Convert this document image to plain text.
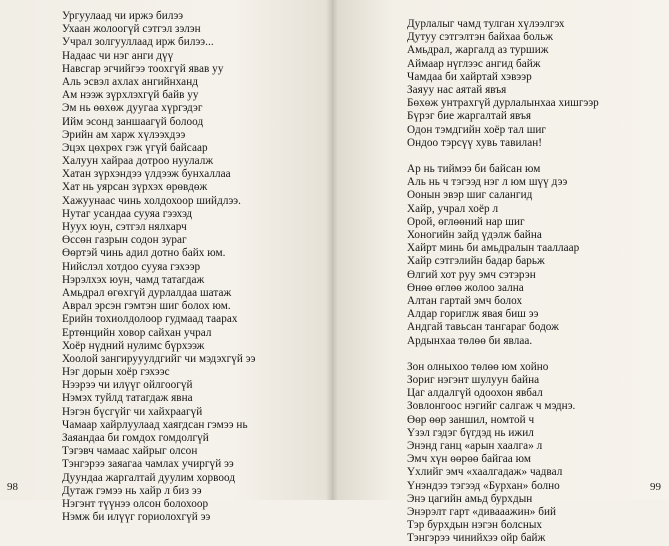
Ургуулаад чи иржэ билээ
Ухаан жолоогүй сэтгэл зэлэн
Учрал золгууллаад ирж билээ...
Надаас чи нэг анги дүү
Навсгар эгчийгээ тоохгүй явав уу
Аль эсвэл ахлах ангийнханд
Ам нээж зүрхлэхгүй байв уу
Эм нь өөхөж дуугаа хүргэдэг
Ийм эсонд заншаагүй болоод
Эрийн ам харж хүлээхдээ
Эцэх цөхрөх гэж үгүй байсаар
Халуун хайраа дотроо нуулалж
Хатан зүрхэндээ үлдээж бунхаллаа
Хат нь уярсан зүрхэх өрөвдөж
Хажуунаас чинь холдохоор шийдлээ.
Нутаг усандаа сууяа гээхэд
Нуух юун, сэтгэл нялхарч
Өссөн газрын содон зураг
Өөртэй чинь адил дотно байх юм.
Нийслэл хотдоо сууяа гэхээр
Нэрэлхэх юун, чамд татагдаж
Амьдрал өгөхгүй дурлалдаа шатаж
Аврал эрсэн гэмтэн шиг болох юм.
Ерийн тохиолдолоор гудмаад таарах
Ертөнцийн ховор сайхан учрал
Хоёр нүдний нулимс бүрхээж
Хоолой зангирууулдгийг чи мэдэхгүй ээ
Нэг дорын хоёр гэхээс
Нээрээ чи илүүг ойлгоогүй
Нэмэх туйлд татагдаж явна
Нэгэн бүсгүйг чи хайхраагүй
Чамаар хайрлуулаад хаягдсан гэмээ нь
Заяандаа би гомдох гомдолгүй
Тэгэвч чамаас хайрыг олсон
Тэнгэрээ заяагаа чамлах учиргүй ээ
Дуундаа жаргалтай дуулим хорвоод
Дутаж гэмээ нь хайр л биз ээ
Нэгэнт түүнээ олсон болохоор
Нэмж би илүүг гориолохгүй ээ
98
Дурлалыг чамд тулган хүлээлгэх
Дутуу сэтгэлтэн байхаа больж
Амьдрал, жаргалд аз туршиж
Аймаар нүглээс ангид байж
Чамдаа би хайртай хэвээр
Заяуу нас аятай явъя
Бөхөж унтрахгүй дурлалынхаа хишгээр
Бүрэг бие жаргалтай явъя
Одон тэмдгийн хоёр тал шиг
Ондоо тэрсүү хувь тавилан!
Ар нь тиймээ би байсан юм
Аль нь ч тэгээд нэг л юм шүү дээ
Оонын эвэр шиг салангид
Хайр, учрал хоёр л
Орой, өглөөний нар шиг
Хоногийн зайд үдэлж байна
Хайрт минь би амьдралын тааллаар
Хайр сэтгэлийн бадар барьж
Өлгий хот руу эмч сэтэрэн
Өнөө өглөө жолоо зална
Алтан гартай эмч болох
Алдар гориглж явая биш ээ
Андгай тавьсан тангараг бодож
Ардынхаа төлөө би явлаа.
Зон олныхоо төлөө юм хойно
Зориг нэгэнт шулуун байна
Цаг алдалгүй одоохон явбал
Зовлонгоос нэгийг салгаж ч мэднэ.
Өөр өөр заншил, номтой ч
Үзэл гэдэг бүгдэд нь ижил
Энэнд ганц «арын хаалга» л
Эмч хүн өөрөө байгаа юм
Үхлийг эмч «хаалгадаж» чадвал
Үнэндээ тэгээд «Бурхан» болно
Энэ цагийн амьд бурхдын
Энэрэлт гарт «дивааажин» бий
Тэр бурхдын нэгэн болсных
Тэнгэрээ чинийхээ ойр байж
99
